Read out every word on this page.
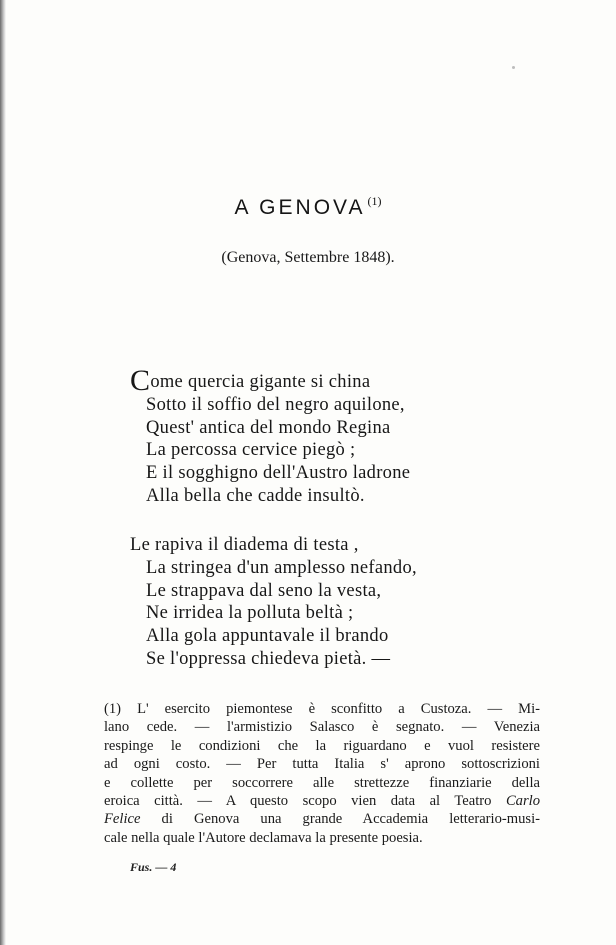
A GENOVA $^{(1)}$
(Genova, Settembre 1848).
Come quercia gigante si china
Sotto il soffio del negro aquilone,
Quest' antica del mondo Regina
La percossa cervice piegò ;
E il sogghigno dell'Austro ladrone
Alla bella che cadde insultò.
Le rapiva il diadema di testa ,
La stringea d'un amplesso nefando,
Le strappava dal seno la vesta,
Ne irridea la polluta beltà ;
Alla gola appuntavale il brando
Se l'oppressa chiedeva pietà. —
(1) L' esercito piemontese è sconfitto a Custoza. — Mi-
lano cede. — l'armistizio Salasco è segnato. — Venezia
respinge le condizioni che la riguardano e vuol resistere
ad ogni costo. — Per tutta Italia s' aprono sottoscrizioni
e collette per soccorrere alle strettezze finanziarie della
eroica città. — A questo scopo vien data al Teatro Carlo
Felice di Genova una grande Accademia letterario-musi-
cale nella quale l'Autore declamava la presente poesia.
Fus. — 4
